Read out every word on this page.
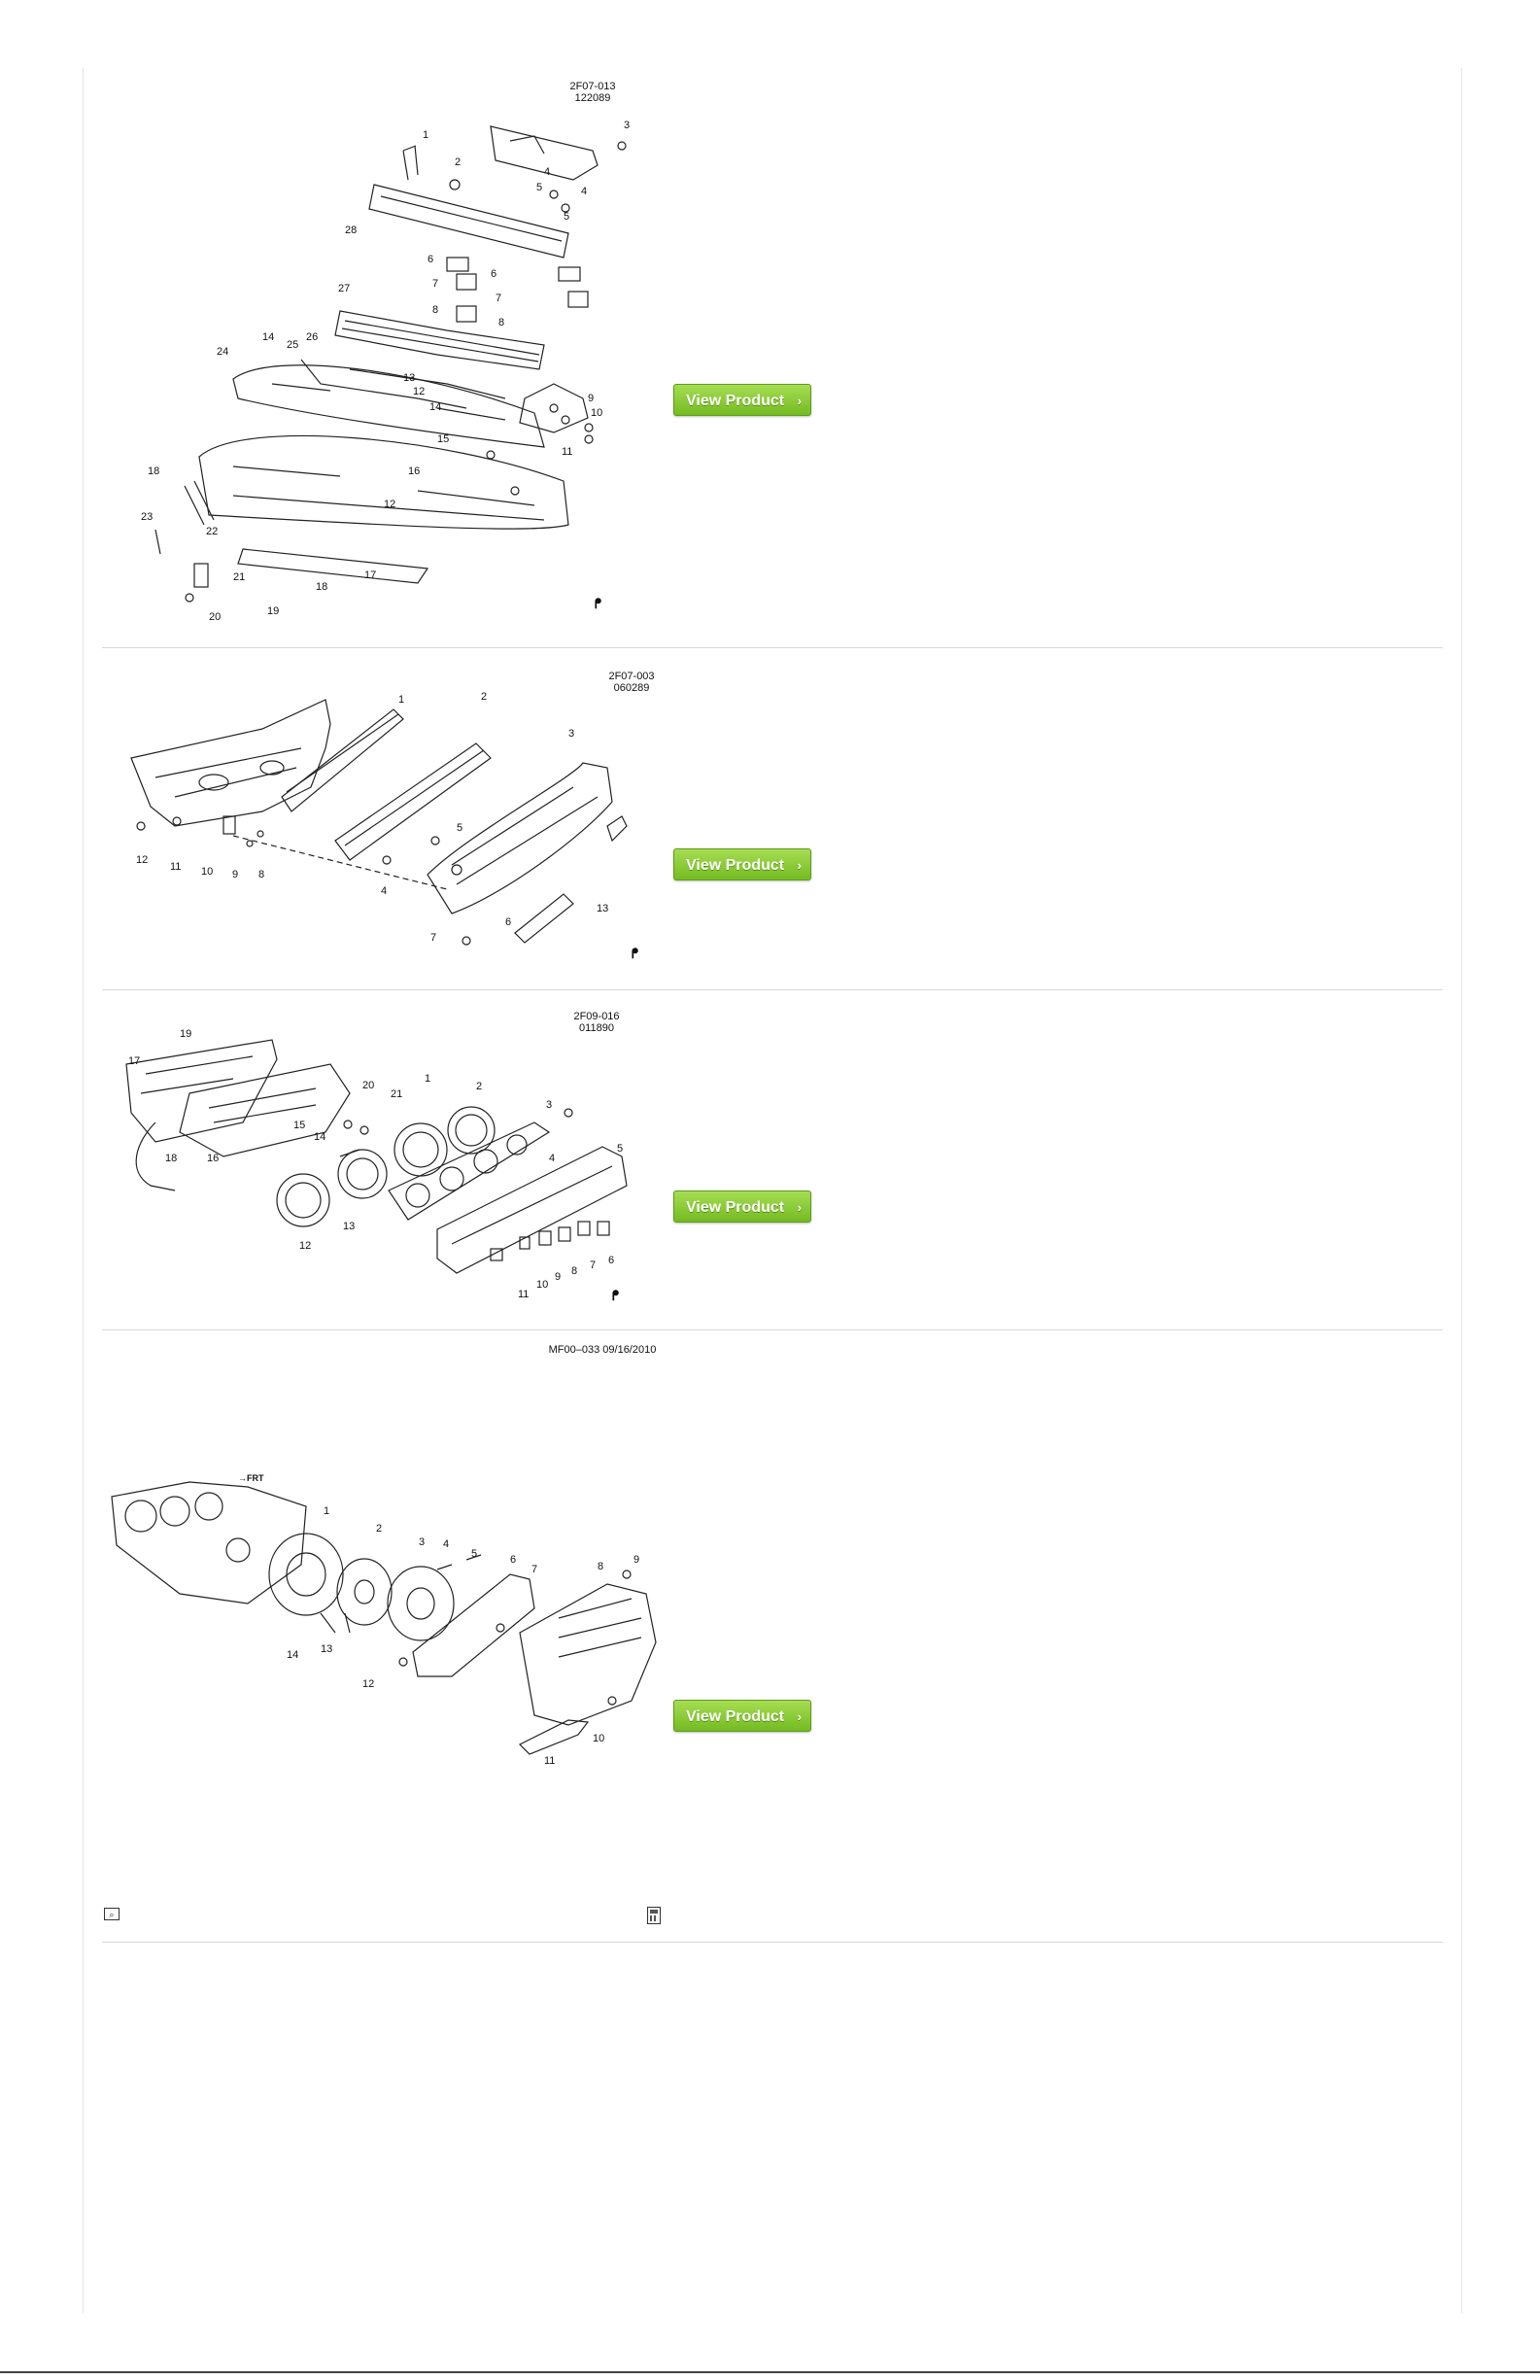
2F07-013
122089
1
2
3
4
4
5
5
6
6
7
7
8
8
9
10
11
12
12
13
14
14
15
16
17
18
18
19
20
21
22
23
24
25
26
27
28
ᖰ
View Product ›
2F07-003
060289
1	2
3
4
5
6
7
8
9
10
11
12
13
ᖰ
View Product ›
2F09-016
011890
1
2
3
4
5
6
7
8
9
10
11
12
13
14
15
16
17
18
19
20
21
ᖰ
View Product ›
MF00–033 09/16/2010
→FRT
1
2
3 4
5	6
7	8
9
10
11
12
13
14
View Product ›
⌕
